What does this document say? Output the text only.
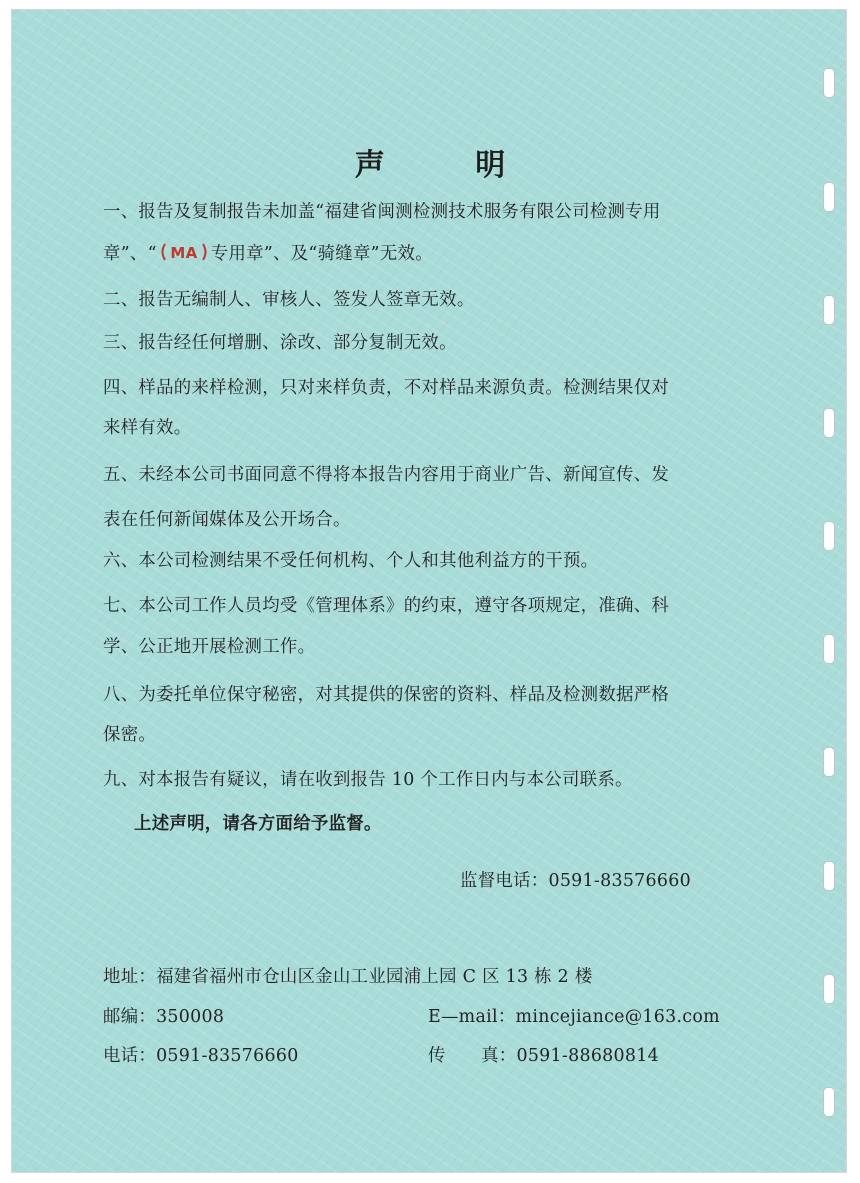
声 明
一、报告及复制报告未加盖“福建省闽测检测技术服务有限公司检测专用
章”、“ MA 专用章”、及“骑缝章”无效。
二、报告无编制人、审核人、签发人签章无效。
三、报告经任何增删、涂改、部分复制无效。
四、样品的来样检测，只对来样负责，不对样品来源负责。检测结果仅对
来样有效。
五、未经本公司书面同意不得将本报告内容用于商业广告、新闻宣传、发
表在任何新闻媒体及公开场合。
六、本公司检测结果不受任何机构、个人和其他利益方的干预。
七、本公司工作人员均受《管理体系》的约束，遵守各项规定，准确、科
学、公正地开展检测工作。
八、为委托单位保守秘密，对其提供的保密的资料、样品及检测数据严格
保密。
九、对本报告有疑议，请在收到报告 10 个工作日内与本公司联系。
上述声明，请各方面给予监督。
监督电话：0591-83576660
地址：福建省福州市仓山区金山工业园浦上园 C 区 13 栋 2 楼
邮编：350008	E—mail：mincejiance@163.com
电话：0591-83576660	传　　真：0591-88680814
